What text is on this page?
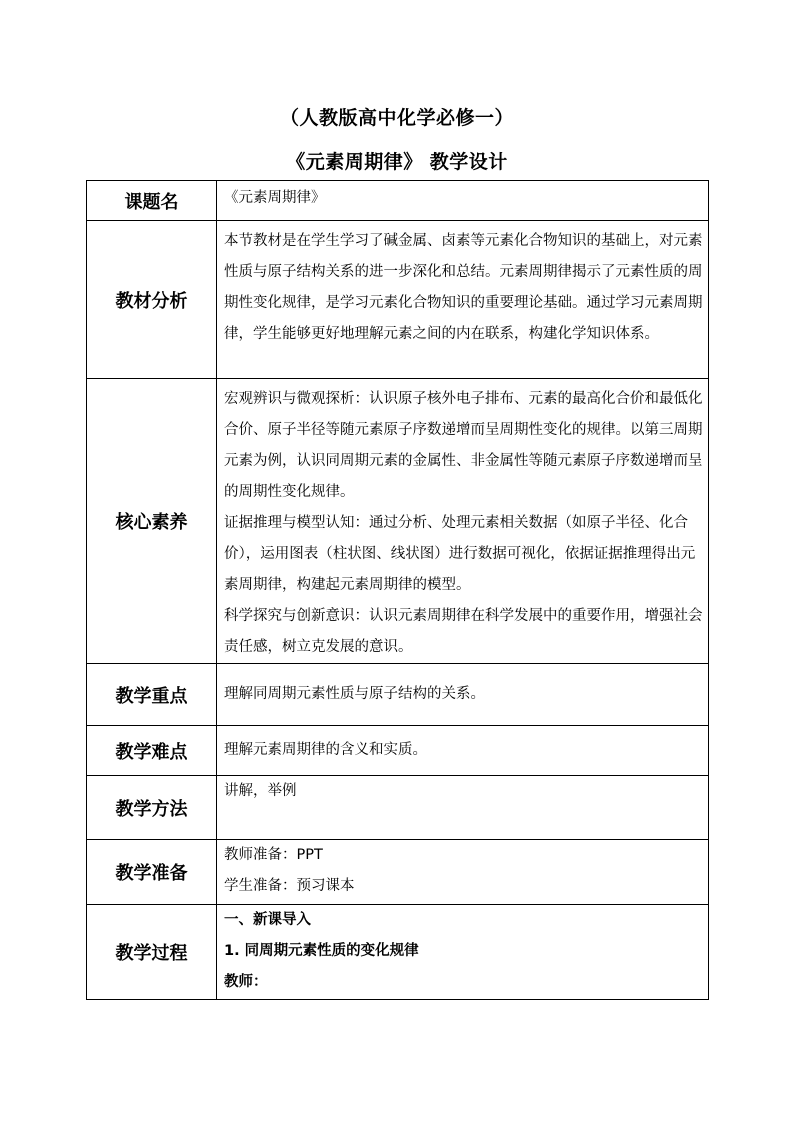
（人教版高中化学必修一）
《元素周期律》 教学设计
课题名	《元素周期律》

教材分析	本节教材是在学生学习了碱金属、卤素等元素化合物知识的基础上，对元素性质与原子结构关系的进一步深化和总结。元素周期律揭示了元素性质的周期性变化规律，是学习元素化合物知识的重要理论基础。通过学习元素周期律，学生能够更好地理解元素之间的内在联系，构建化学知识体系。

核心素养	宏观辨识与微观探析：认识原子核外电子排布、元素的最高化合价和最低化合价、原子半径等随元素原子序数递增而呈周期性变化的规律。以第三周期元素为例，认识同周期元素的金属性、非金属性等随元素原子序数递增而呈的周期性变化规律。
证据推理与模型认知：通过分析、处理元素相关数据（如原子半径、化合价），运用图表（柱状图、线状图）进行数据可视化，依据证据推理得出元素周期律，构建起元素周期律的模型。
科学探究与创新意识：认识元素周期律在科学发展中的重要作用，增强社会责任感，树立克发展的意识。

教学重点	理解同周期元素性质与原子结构的关系。

教学难点	理解元素周期律的含义和实质。

教学方法	讲解，举例

教学准备	教师准备：PPT
学生准备：预习课本

教学过程	一、新课导入
1. 同周期元素性质的变化规律
教师：
